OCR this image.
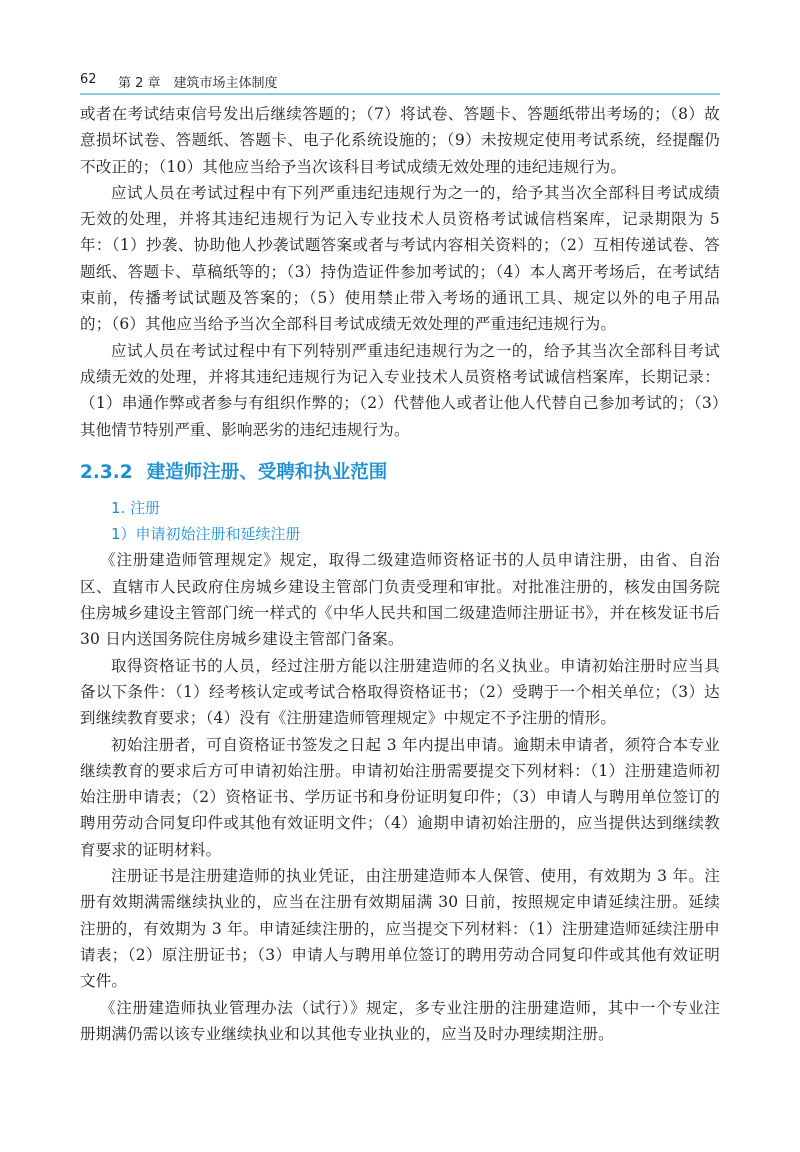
62 第 2 章　建筑市场主体制度

或者在考试结束信号发出后继续答题的；（7）将试卷、答题卡、答题纸带出考场的；（8）故意损坏试卷、答题纸、答题卡、电子化系统设施的；（9）未按规定使用考试系统，经提醒仍不改正的；（10）其他应当给予当次该科目考试成绩无效处理的违纪违规行为。

应试人员在考试过程中有下列严重违纪违规行为之一的，给予其当次全部科目考试成绩无效的处理，并将其违纪违规行为记入专业技术人员资格考试诚信档案库，记录期限为 5 年：（1）抄袭、协助他人抄袭试题答案或者与考试内容相关资料的；（2）互相传递试卷、答题纸、答题卡、草稿纸等的；（3）持伪造证件参加考试的；（4）本人离开考场后，在考试结束前，传播考试试题及答案的；（5）使用禁止带入考场的通讯工具、规定以外的电子用品的；（6）其他应当给予当次全部科目考试成绩无效处理的严重违纪违规行为。

应试人员在考试过程中有下列特别严重违纪违规行为之一的，给予其当次全部科目考试成绩无效的处理，并将其违纪违规行为记入专业技术人员资格考试诚信档案库，长期记录：（1）串通作弊或者参与有组织作弊的；（2）代替他人或者让他人代替自己参加考试的；（3）其他情节特别严重、影响恶劣的违纪违规行为。

2.3.2 建造师注册、受聘和执业范围
1. 注册
1）申请初始注册和延续注册

《注册建造师管理规定》规定，取得二级建造师资格证书的人员申请注册，由省、自治区、直辖市人民政府住房城乡建设主管部门负责受理和审批。对批准注册的，核发由国务院住房城乡建设主管部门统一样式的《中华人民共和国二级建造师注册证书》，并在核发证书后 30 日内送国务院住房城乡建设主管部门备案。

取得资格证书的人员，经过注册方能以注册建造师的名义执业。申请初始注册时应当具备以下条件：（1）经考核认定或考试合格取得资格证书；（2）受聘于一个相关单位；（3）达到继续教育要求；（4）没有《注册建造师管理规定》中规定不予注册的情形。

初始注册者，可自资格证书签发之日起 3 年内提出申请。逾期未申请者，须符合本专业继续教育的要求后方可申请初始注册。申请初始注册需要提交下列材料：（1）注册建造师初始注册申请表；（2）资格证书、学历证书和身份证明复印件；（3）申请人与聘用单位签订的聘用劳动合同复印件或其他有效证明文件；（4）逾期申请初始注册的，应当提供达到继续教育要求的证明材料。

注册证书是注册建造师的执业凭证，由注册建造师本人保管、使用，有效期为 3 年。注册有效期满需继续执业的，应当在注册有效期届满 30 日前，按照规定申请延续注册。延续注册的，有效期为 3 年。申请延续注册的，应当提交下列材料：（1）注册建造师延续注册申请表；（2）原注册证书；（3）申请人与聘用单位签订的聘用劳动合同复印件或其他有效证明文件。

《注册建造师执业管理办法（试行）》规定，多专业注册的注册建造师，其中一个专业注册期满仍需以该专业继续执业和以其他专业执业的，应当及时办理续期注册。
